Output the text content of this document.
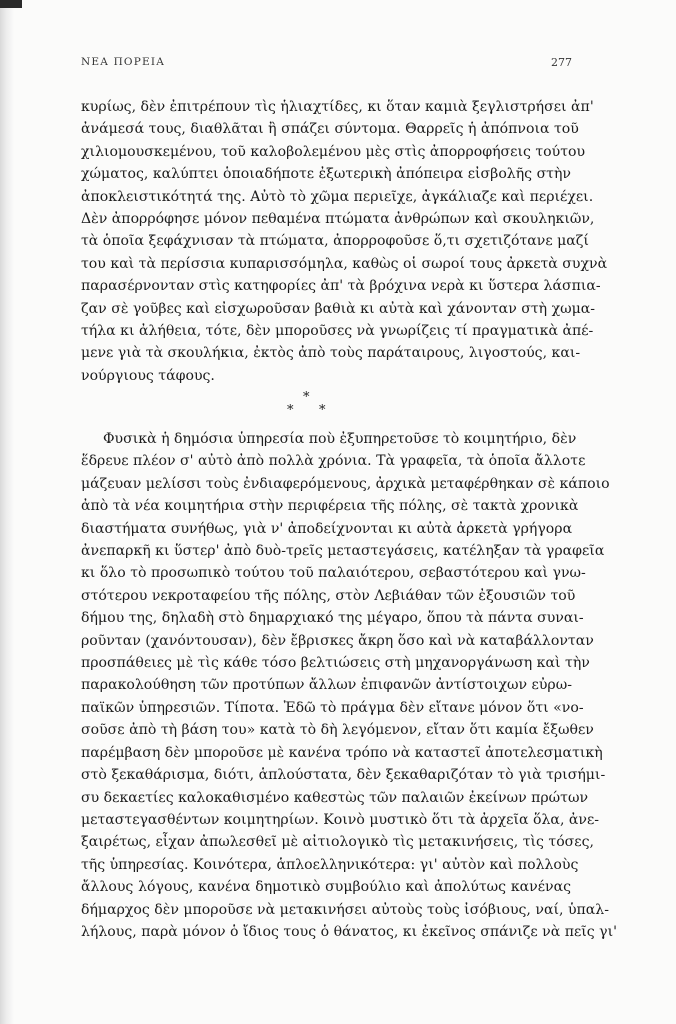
ΝΕΑ ΠΟΡΕΙΑ	277
κυρίως, δὲν ἐπιτρέπουν τὶς ἡλιαχτίδες, κι ὅταν καμιὰ ξεγλιστρήσει ἀπ'
ἀνάμεσά τους, διαθλᾶται ἢ σπάζει σύντομα. Θαρρεῖς ἡ ἀπόπνοια τοῦ
χιλιομουσκεμένου, τοῦ καλοβολεμένου μὲς στὶς ἀπορροφήσεις τούτου
χώματος, καλύπτει ὁποιαδήποτε ἐξωτερικὴ ἀπόπειρα εἰσβολῆς στὴν
ἀποκλειστικότητά της. Αὐτὸ τὸ χῶμα περιεῖχε, ἀγκάλιαζε καὶ περιέχει.
Δὲν ἀπορρόφησε μόνον πεθαμένα πτώματα ἀνθρώπων καὶ σκουληκιῶν,
τὰ ὁποῖα ξεφάχνισαν τὰ πτώματα, ἀπορροφοῦσε ὅ,τι σχετιζότανε μαζί
του καὶ τὰ περίσσια κυπαρισσόμηλα, καθὼς οἱ σωροί τους ἀρκετὰ συχνὰ
παρασέρνονταν στὶς κατηφορίες ἀπ' τὰ βρόχινα νερὰ κι ὕστερα λάσπια-
ζαν σὲ γοῦβες καὶ εἰσχωροῦσαν βαθιὰ κι αὐτὰ καὶ χάνονταν στὴ χωμα-
τήλα κι ἀλήθεια, τότε, δὲν μποροῦσες νὰ γνωρίζεις τί πραγματικὰ ἀπέ-
μενε γιὰ τὰ σκουλήκια, ἐκτὸς ἀπὸ τοὺς παράταιρους, λιγοστούς, και-
νούργιους τάφους.
*
* *
Φυσικὰ ἡ δημόσια ὑπηρεσία ποὺ ἐξυπηρετοῦσε τὸ κοιμητήριο, δὲν
ἕδρευε πλέον σ' αὐτὸ ἀπὸ πολλὰ χρόνια. Τὰ γραφεῖα, τὰ ὁποῖα ἄλλοτε
μάζευαν μελίσσι τοὺς ἐνδιαφερόμενους, ἀρχικὰ μεταφέρθηκαν σὲ κάποιο
ἀπὸ τὰ νέα κοιμητήρια στὴν περιφέρεια τῆς πόλης, σὲ τακτὰ χρονικὰ
διαστήματα συνήθως, γιὰ ν' ἀποδείχνονται κι αὐτὰ ἀρκετὰ γρήγορα
ἀνεπαρκῆ κι ὕστερ' ἀπὸ δυὸ-τρεῖς μεταστεγάσεις, κατέληξαν τὰ γραφεῖα
κι ὅλο τὸ προσωπικὸ τούτου τοῦ παλαιότερου, σεβαστότερου καὶ γνω-
στότερου νεκροταφείου τῆς πόλης, στὸν Λεβιάθαν τῶν ἐξουσιῶν τοῦ
δήμου της, δηλαδὴ στὸ δημαρχιακό της μέγαρο, ὅπου τὰ πάντα συναι-
ροῦνταν (χανόντουσαν), δὲν ἔβρισκες ἄκρη ὅσο καὶ νὰ καταβάλλονταν
προσπάθειες μὲ τὶς κάθε τόσο βελτιώσεις στὴ μηχανοργάνωση καὶ τὴν
παρακολούθηση τῶν προτύπων ἄλλων ἐπιφανῶν ἀντίστοιχων εὐρω-
παϊκῶν ὑπηρεσιῶν. Τίποτα. Ἐδῶ τὸ πράγμα δὲν εἴτανε μόνον ὅτι «νο-
σοῦσε ἀπὸ τὴ βάση του» κατὰ τὸ δὴ λεγόμενον, εἴταν ὅτι καμία ἔξωθεν
παρέμβαση δὲν μποροῦσε μὲ κανένα τρόπο νὰ καταστεῖ ἀποτελεσματικὴ
στὸ ξεκαθάρισμα, διότι, ἁπλούστατα, δὲν ξεκαθαριζόταν τὸ γιὰ τρισήμι-
συ δεκαετίες καλοκαθισμένο καθεστὼς τῶν παλαιῶν ἐκείνων πρώτων
μεταστεγασθέντων κοιμητηρίων. Κοινὸ μυστικὸ ὅτι τὰ ἀρχεῖα ὅλα, ἀνε-
ξαιρέτως, εἶχαν ἀπωλεσθεῖ μὲ αἰτιολογικὸ τὶς μετακινήσεις, τὶς τόσες,
τῆς ὑπηρεσίας. Κοινότερα, ἁπλοελληνικότερα: γι' αὐτὸν καὶ πολλοὺς
ἄλλους λόγους, κανένα δημοτικὸ συμβούλιο καὶ ἀπολύτως κανένας
δήμαρχος δὲν μποροῦσε νὰ μετακινήσει αὐτοὺς τοὺς ἰσόβιους, ναί, ὑπαλ-
λήλους, παρὰ μόνον ὁ ἴδιος τους ὁ θάνατος, κι ἐκεῖνος σπάνιζε νὰ πεῖς γι'
